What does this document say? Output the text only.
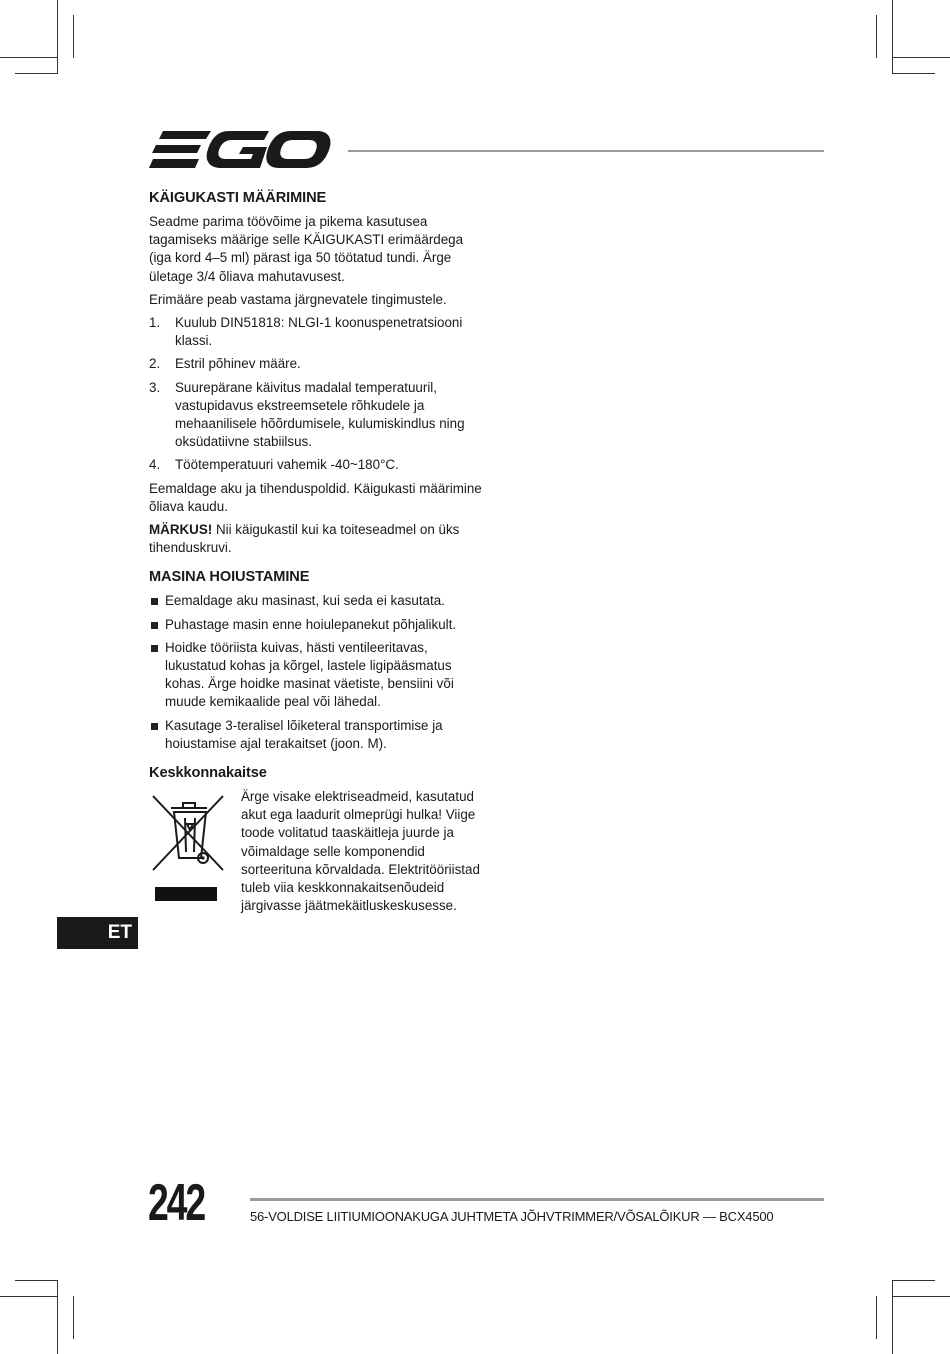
KÄIGUKASTI MÄÄRIMINE

Seadme parima töövõime ja pikema kasutusea tagamiseks määrige selle KÄIGUKASTI erimäärdega (iga kord 4–5 ml) pärast iga 50 töötatud tundi. Ärge ületage 3/4 õliava mahutavusest.

Erimääre peab vastama järgnevatele tingimustele.

1. Kuulub DIN51818: NLGI-1 koonuspenetratsiooni klassi.
2. Estril põhinev määre.
3. Suurepärane käivitus madalal temperatuuril, vastupidavus ekstreemsetele rõhkudele ja mehaanilisele hõõrdumisele, kulumiskindlus ning oksüdatiivne stabiilsus.
4. Töötemperatuuri vahemik -40~180°C.

Eemaldage aku ja tihenduspoldid. Käigukasti määrimine õliava kaudu.

MÄRKUS! Nii käigukastil kui ka toiteseadmel on üks tihenduskruvi.

MASINA HOIUSTAMINE
Eemaldage aku masinast, kui seda ei kasutata.
Puhastage masin enne hoiulepanekut põhjalikult.
Hoidke tööriista kuivas, hästi ventileeritavas, lukustatud kohas ja kõrgel, lastele ligipääsmatus kohas. Ärge hoidke masinat väetiste, bensiini või muude kemikaalide peal või lähedal.
Kasutage 3-teralisel lõiketeral transportimise ja hoiustamise ajal terakaitset (joon. M).
Keskkonnakaitse
Ärge visake elektriseadmeid, kasutatud akut ega laadurit olmeprügi hulka! Viige toode volitatud taaskäitleja juurde ja võimaldage selle komponendid sorteerituna kõrvaldada. Elektritööriistad tuleb viia keskkonnakaitsenõudeid järgivasse jäätmekäitluskeskusesse.
ET
242	56-VOLDISE LIITIUMIOONAKUGA JUHTMETA JÕHVTRIMMER/VÕSALÕIKUR — BCX4500
